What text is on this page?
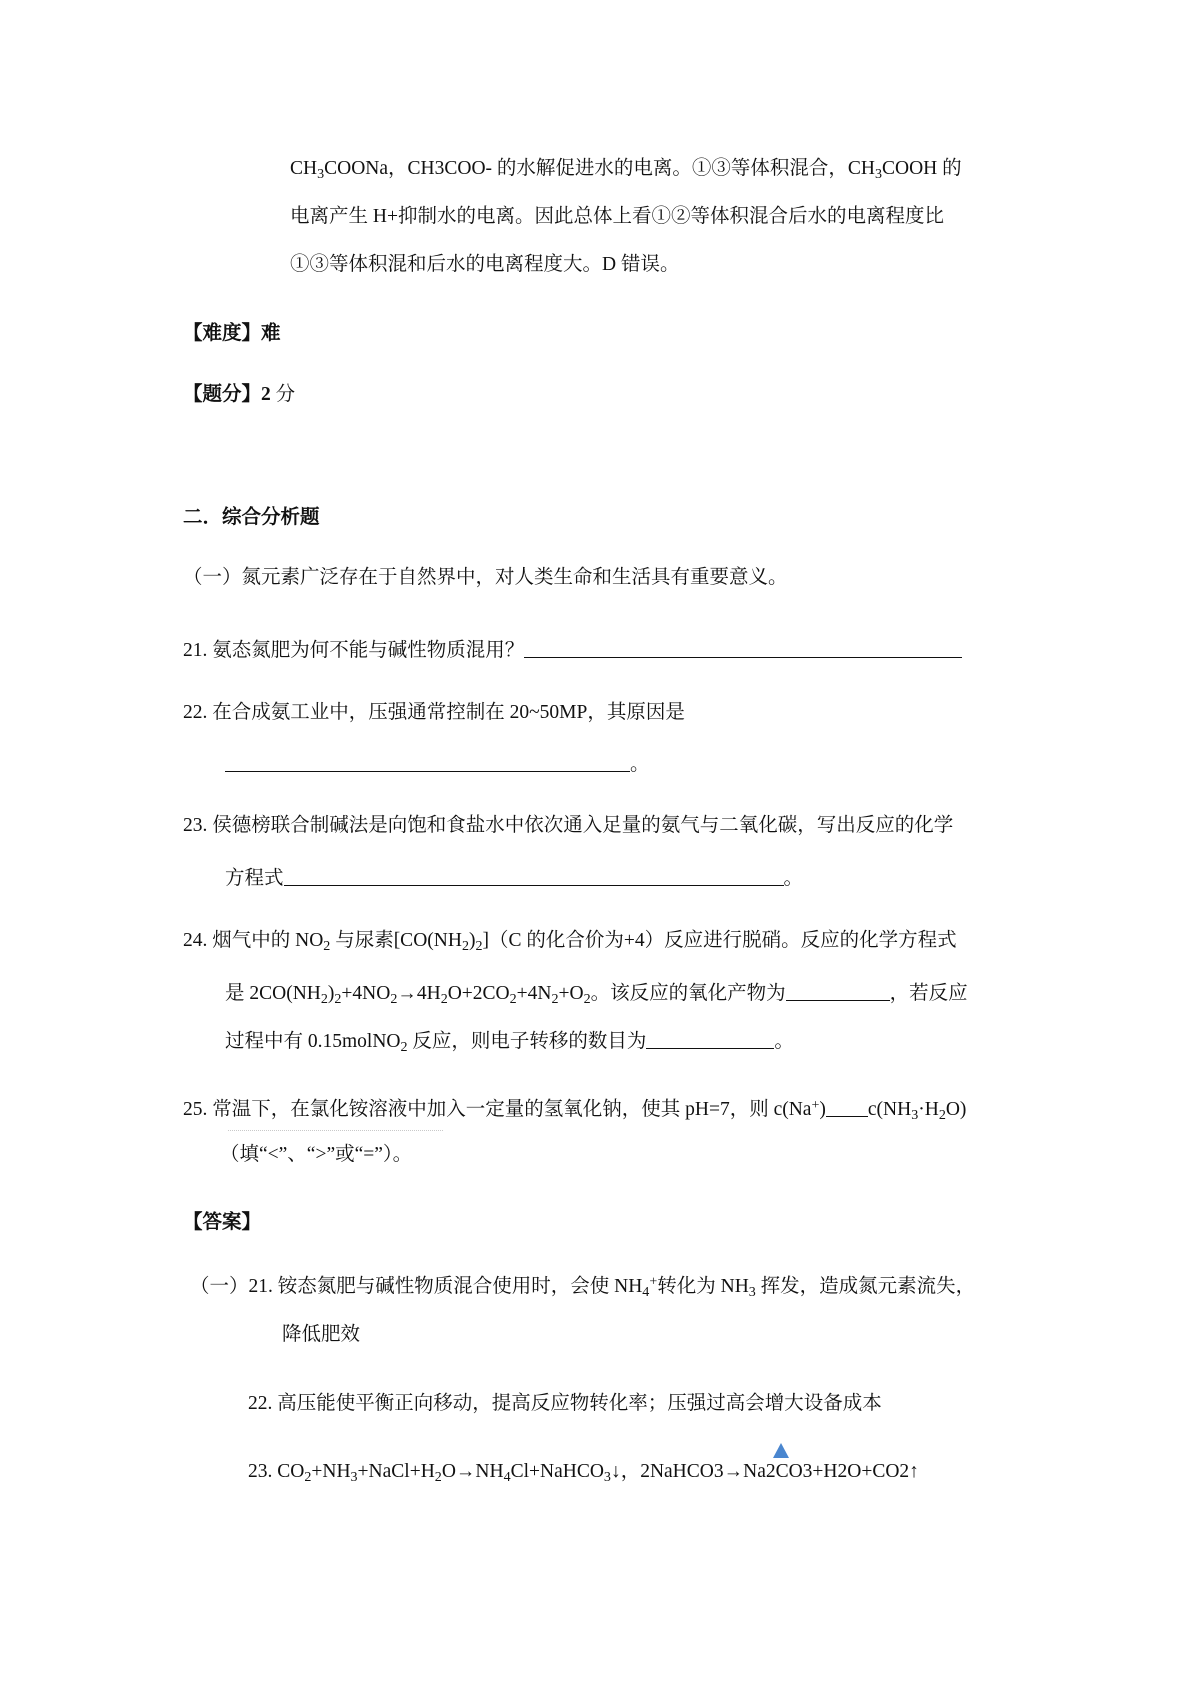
$CH_3COONa$，CH3COO- 的水解促进水的电离。①③等体积混合，$CH_3COOH$ 的
电离产生 H+抑制水的电离。因此总体上看①②等体积混合后水的电离程度比
①③等体积混和后水的电离程度大。D 错误。
【难度】难
【题分】2 分
二．综合分析题
（一）氮元素广泛存在于自然界中，对人类生命和生活具有重要意义。
21. 氨态氮肥为何不能与碱性物质混用？
22. 在合成氨工业中，压强通常控制在 20~50MP，其原因是
。
23. 侯德榜联合制碱法是向饱和食盐水中依次通入足量的氨气与二氧化碳，写出反应的化学
方程式	。
24. 烟气中的 $NO_2$ 与尿素$[CO(NH_2)_2](C$ 的化合价为+4）反应进行脱硝。反应的化学方程式
是 $2CO(NH_2)_2+4NO_2\to 4H_2O+2CO_2+4N_2+O_2$。该反应的氧化产物为	，若反应
过程中有 0.15molNO$_2$ 反应，则电子转移的数目为	。
25. 常温下，在氯化铵溶液中加入一定量的氢氧化钠，使其 pH=7，则 c(Na+) $c(NH_3\cdot H_2O)$
（填“<”、“>”或“=”）。
【答案】
（一）21. 铵态氮肥与碱性物质混合使用时，会使 $NH_4^+$转化为 $NH_3$ 挥发，造成氮元素流失，
降低肥效
22. 高压能使平衡正向移动，提高反应物转化率；压强过高会增大设备成本
23. $CO_2+NH_3+NaCl+H_2O\to NH_4Cl+NaHCO_3↓$，2NaHCO3→Na2CO3+H2O+CO2↑
